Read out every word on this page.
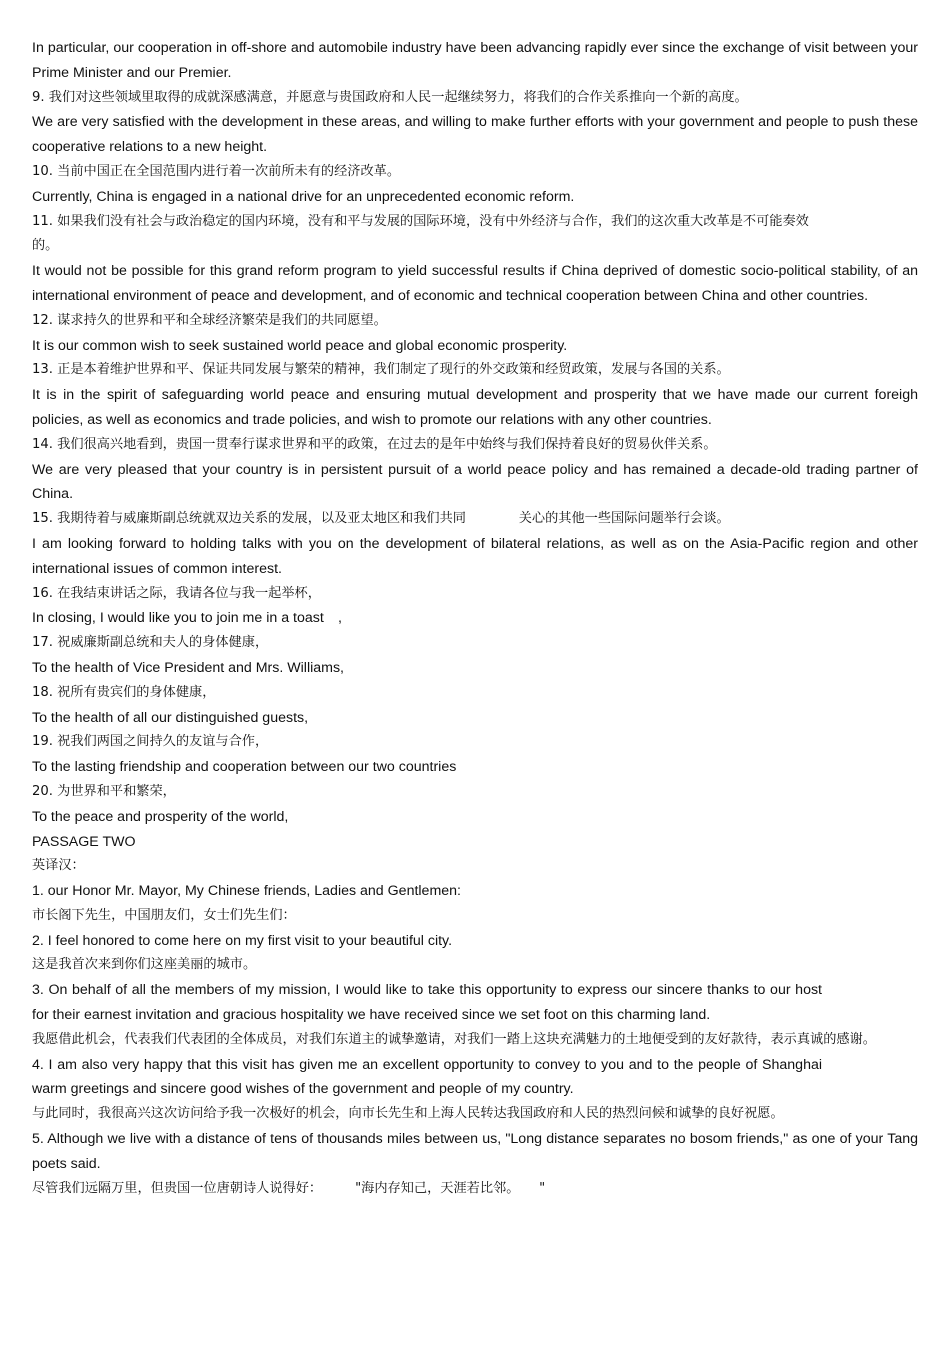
In particular, our cooperation in off-shore and automobile industry have been advancing rapidly ever since the exchange of visit between your Prime Minister and our Premier.

9. 我们对这些领域里取得的成就深感满意，并愿意与贵国政府和人民一起继续努力，将我们的合作关系推向一个新的高度。

We are very satisfied with the development in these areas, and willing to make further efforts with your government and people to push these cooperative relations to a new height.

10. 当前中国正在全国范围内进行着一次前所未有的经济改革。

Currently, China is engaged in a national drive for an unprecedented economic reform.

11. 如果我们没有社会与政治稳定的国内环境，没有和平与发展的国际环境，没有中外经济与合作，我们的这次重大改革是不可能奏效的。

It would not be possible for this grand reform program to yield successful results if China deprived of domestic socio-political stability, of an international environment of peace and development, and of economic and technical cooperation between China and other countries.

12. 谋求持久的世界和平和全球经济繁荣是我们的共同愿望。

It is our common wish to seek sustained world peace and global economic prosperity.

13. 正是本着维护世界和平、保证共同发展与繁荣的精神，我们制定了现行的外交政策和经贸政策，发展与各国的关系。

It is in the spirit of safeguarding world peace and ensuring mutual development and prosperity that we have made our current foreigh policies, as well as economics and trade policies, and wish to promote our relations with any other countries.

14. 我们很高兴地看到，贵国一贯奉行谋求世界和平的政策，在过去的是年中始终与我们保持着良好的贸易伙伴关系。

We are very pleased that your country is in persistent pursuit of a world peace policy and has remained a decade-old trading partner of China.

15. 我期待着与威廉斯副总统就双边关系的发展，以及亚太地区和我们共同　　　　关心的其他一些国际问题举行会谈。

I am looking forward to holding talks with you on the development of bilateral relations, as well as on the Asia-Pacific region and other international issues of common interest.

16. 在我结束讲话之际，我请各位与我一起举杯，

In closing, I would like you to join me in a toast　,

17. 祝威廉斯副总统和夫人的身体健康，

To the health of Vice President and Mrs. Williams,

18. 祝所有贵宾们的身体健康，

To the health of all our distinguished guests,

19. 祝我们两国之间持久的友谊与合作，

To the lasting friendship and cooperation between our two countries

20. 为世界和平和繁荣，

To the peace and prosperity of the world,

PASSAGE TWO

英译汉：

1. our Honor Mr. Mayor, My Chinese friends, Ladies and Gentlemen:

市长阁下先生，中国朋友们，女士们先生们：

2. I feel honored to come here on my first visit to your beautiful city.

这是我首次来到你们这座美丽的城市。

3. On behalf of all the members of my mission, I would like to take this opportunity to express our sincere thanks to our host for their earnest invitation and gracious hospitality we have received since we set foot on this charming land.

我愿借此机会，代表我们代表团的全体成员，对我们东道主的诚挚邀请，对我们一踏上这块充满魅力的土地便受到的友好款待，表示真诚的感谢。

4. I am also very happy that this visit has given me an excellent opportunity to convey to you and to the people of Shanghai warm greetings and sincere good wishes of the government and people of my country.

与此同时，我很高兴这次访问给予我一次极好的机会，向市长先生和上海人民转达我国政府和人民的热烈问候和诚挚的良好祝愿。

5. Although we live with a distance of tens of thousands miles between us, "Long distance separates no bosom friends," as one of your Tang poets said.

尽管我们远隔万里，但贵国一位唐朝诗人说得好：　　　"海内存知己，天涯若比邻。　　"
